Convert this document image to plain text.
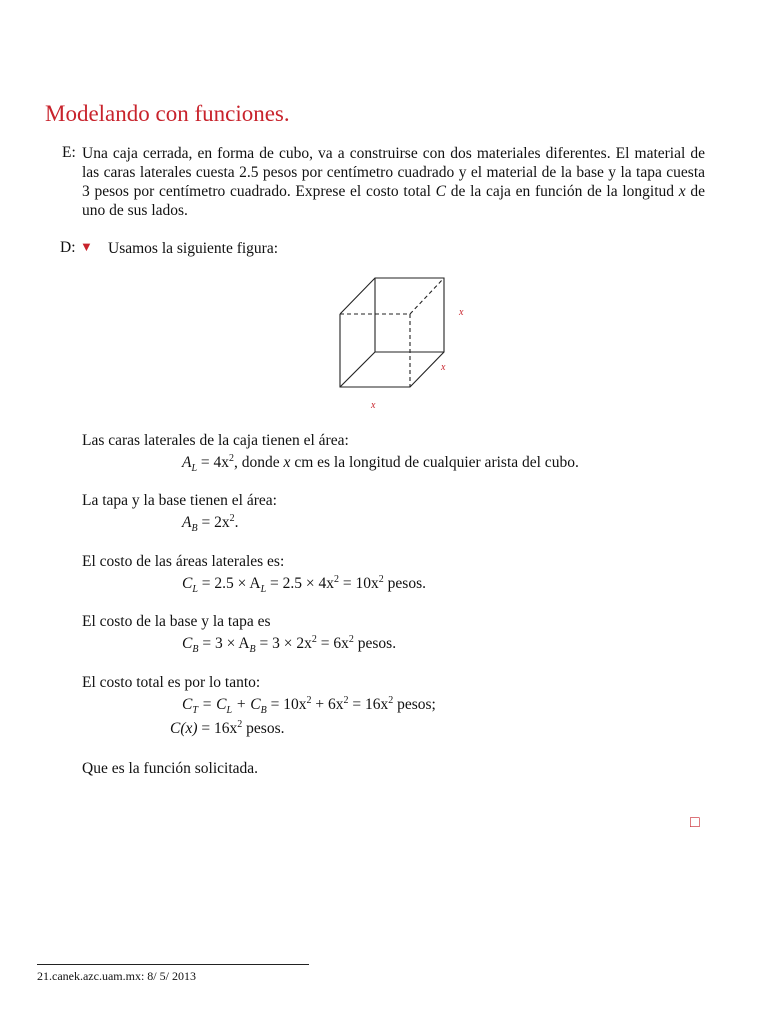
Modelando con funciones.
E: Una caja cerrada, en forma de cubo, va a construirse con dos materiales diferentes. El material de las caras laterales cuesta 2.5 pesos por centímetro cuadrado y el material de la base y la tapa cuesta 3 pesos por centímetro cuadrado. Exprese el costo total C de la caja en función de la longitud x de uno de sus lados.
D: ▼ Usamos la siguiente figura:
x
x
x
Las caras laterales de la caja tienen el área:
$A_L = 4x^2$, donde x cm es la longitud de cualquier arista del cubo.
La tapa y la base tienen el área:
$A_B = 2x^2$.
El costo de las áreas laterales es:
$C_L = 2.5 \times A_L = 2.5 \times 4x^2 = 10x^2$ pesos.
El costo de la base y la tapa es
$C_B = 3 \times A_B = 3 \times 2x^2 = 6x^2$ pesos.
El costo total es por lo tanto:
$C_T = C_L + C_B = 10x^2 + 6x^2 = 16x^2$ pesos;
$C(x) = 16x^2$ pesos.
Que es la función solicitada.
□
21.canek.azc.uam.mx: 8/ 5/ 2013
